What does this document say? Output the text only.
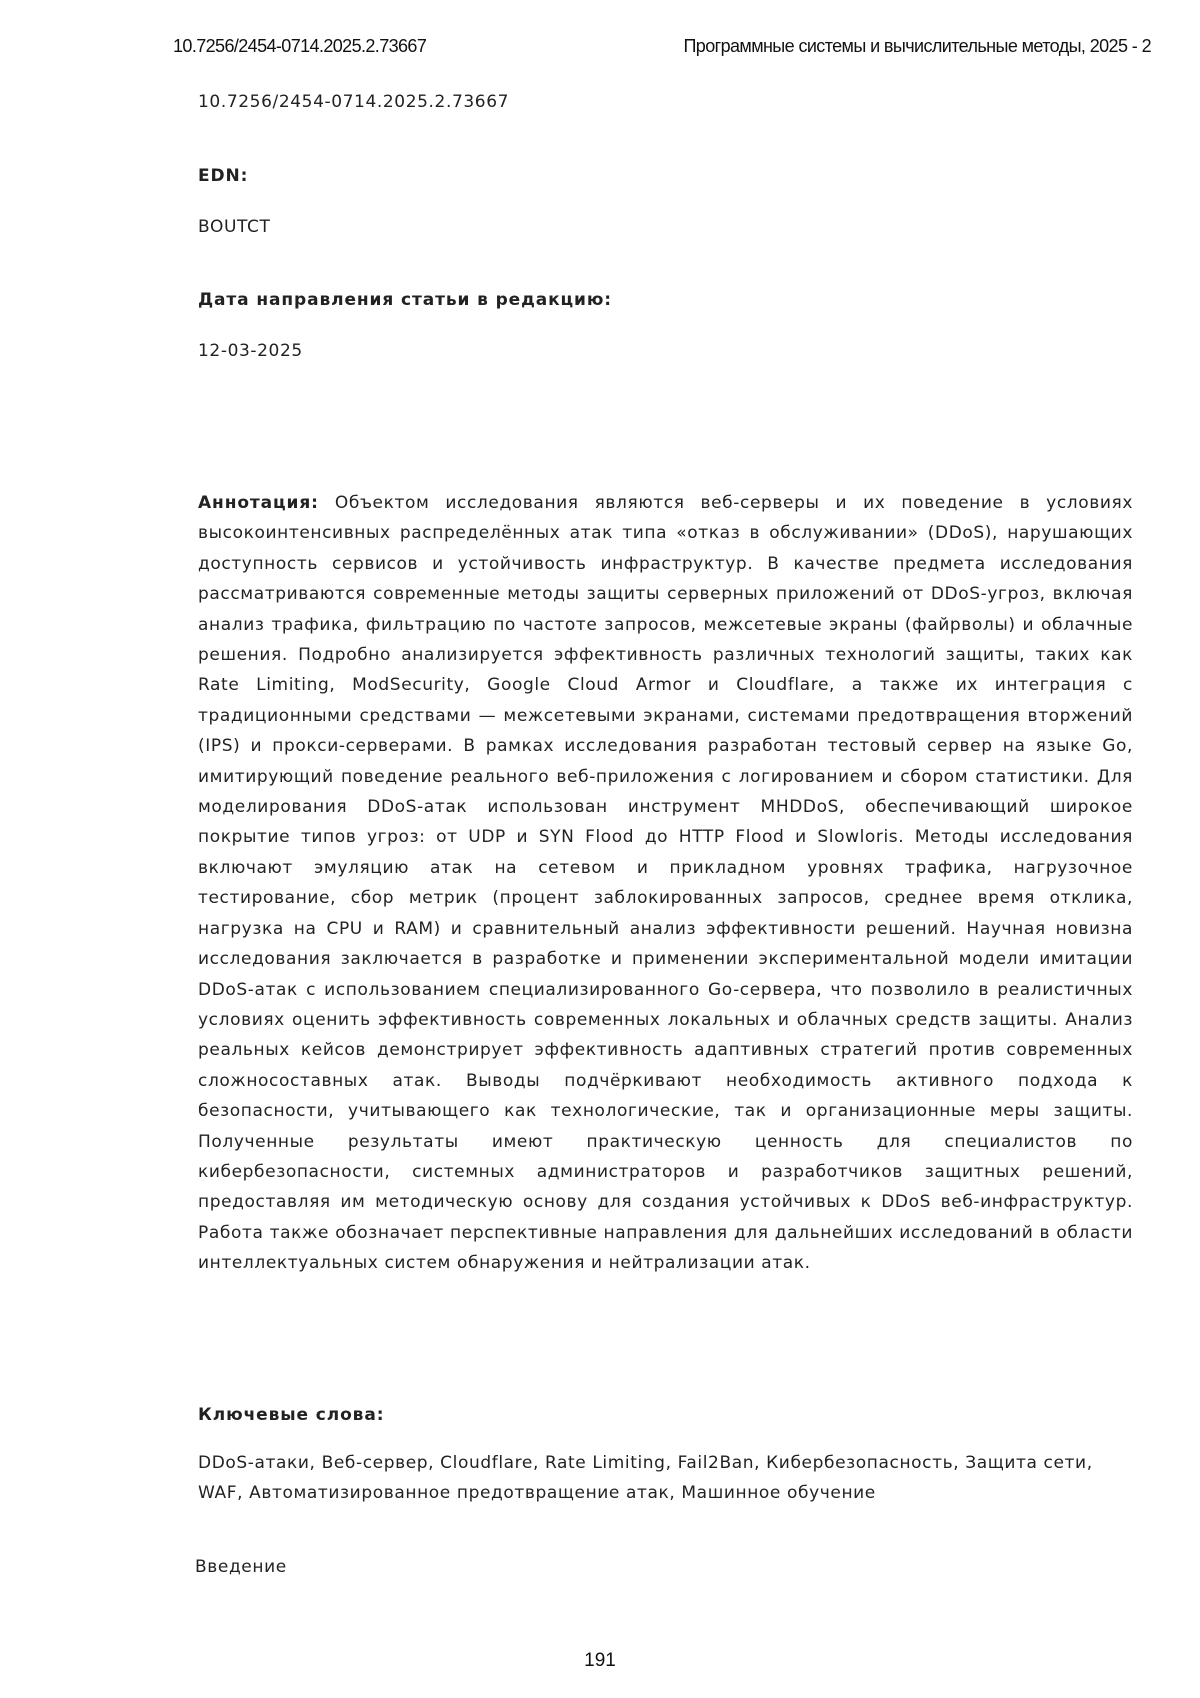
10.7256/2454-0714.2025.2.73667	Программные системы и вычислительные методы, 2025 - 2
10.7256/2454-0714.2025.2.73667
EDN:
BOUTCT
Дата направления статьи в редакцию:
12-03-2025

Аннотация: Объектом исследования являются веб-серверы и их поведение в условиях высокоинтенсивных распределённых атак типа «отказ в обслуживании» (DDoS), нарушающих доступность сервисов и устойчивость инфраструктур. В качестве предмета исследования рассматриваются современные методы защиты серверных приложений от DDoS-угроз, включая анализ трафика, фильтрацию по частоте запросов, межсетевые экраны (файрволы) и облачные решения. Подробно анализируется эффективность различных технологий защиты, таких как Rate Limiting, ModSecurity, Google Cloud Armor и Cloudflare, а также их интеграция с традиционными средствами — межсетевыми экранами, системами предотвращения вторжений (IPS) и прокси-серверами. В рамках исследования разработан тестовый сервер на языке Go, имитирующий поведение реального веб-приложения с логированием и сбором статистики. Для моделирования DDoS-атак использован инструмент MHDDoS, обеспечивающий широкое покрытие типов угроз: от UDP и SYN Flood до HTTP Flood и Slowloris. Методы исследования включают эмуляцию атак на сетевом и прикладном уровнях трафика, нагрузочное тестирование, сбор метрик (процент заблокированных запросов, среднее время отклика, нагрузка на CPU и RAM) и сравнительный анализ эффективности решений. Научная новизна исследования заключается в разработке и применении экспериментальной модели имитации DDoS-атак с использованием специализированного Go-сервера, что позволило в реалистичных условиях оценить эффективность современных локальных и облачных средств защиты. Анализ реальных кейсов демонстрирует эффективность адаптивных стратегий против современных сложносоставных атак. Выводы подчёркивают необходимость активного подхода к безопасности, учитывающего как технологические, так и организационные меры защиты. Полученные результаты имеют практическую ценность для специалистов по кибербезопасности, системных администраторов и разработчиков защитных решений, предоставляя им методическую основу для создания устойчивых к DDoS веб-инфраструктур. Работа также обозначает перспективные направления для дальнейших исследований в области интеллектуальных систем обнаружения и нейтрализации атак.

Ключевые слова:
DDoS-атаки, Веб-сервер, Cloudflare, Rate Limiting, Fail2Ban, Кибербезопасность, Защита сети, WAF, Автоматизированное предотвращение атак, Машинное обучение
Введение
191
